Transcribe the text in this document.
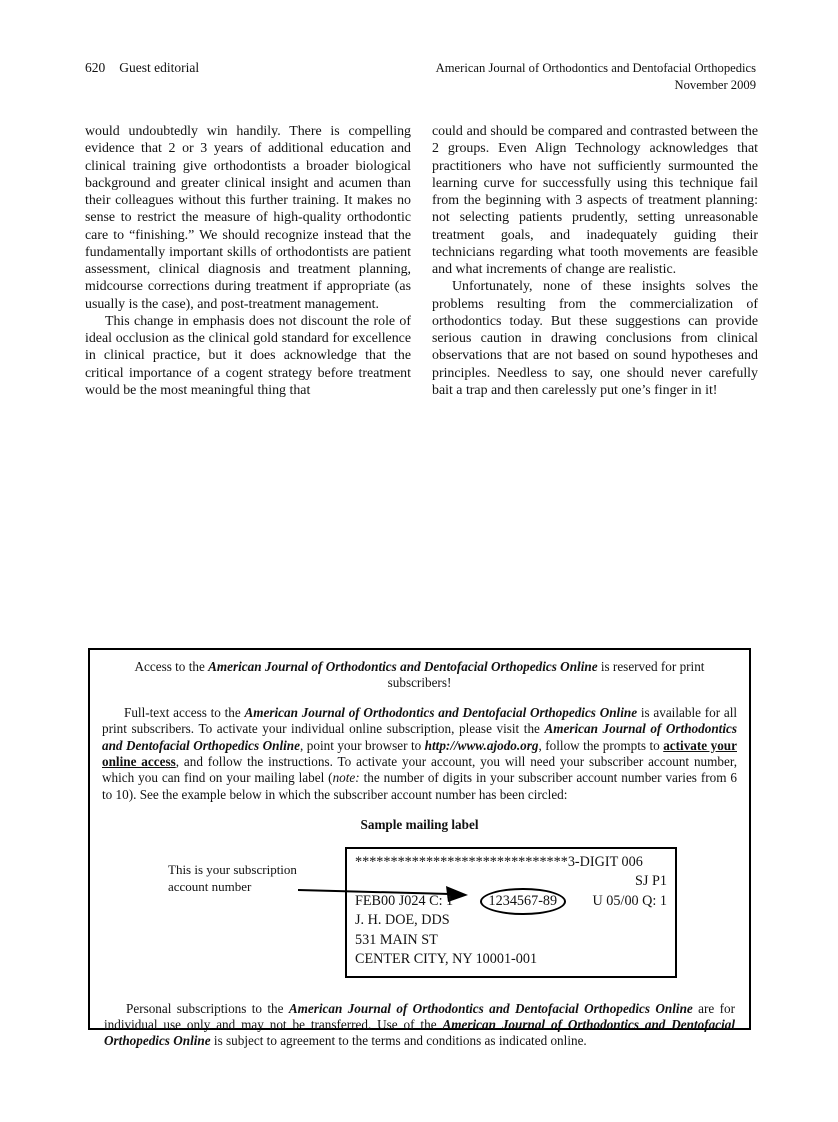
620 Guest editorial	American Journal of Orthodontics and Dentofacial Orthopedics
November 2009

would undoubtedly win handily. There is compelling evidence that 2 or 3 years of additional education and clinical training give orthodontists a broader biological background and greater clinical insight and acumen than their colleagues without this further training. It makes no sense to restrict the measure of high-quality orthodontic care to “finishing.” We should recognize instead that the fundamentally important skills of orthodontists are patient assessment, clinical diagnosis and treatment planning, midcourse corrections during treatment if appropriate (as usually is the case), and post-treatment management.

This change in emphasis does not discount the role of ideal occlusion as the clinical gold standard for excellence in clinical practice, but it does acknowledge that the critical importance of a cogent strategy before treatment would be the most meaningful thing that

could and should be compared and contrasted between the 2 groups. Even Align Technology acknowledges that practitioners who have not sufficiently surmounted the learning curve for successfully using this technique fail from the beginning with 3 aspects of treatment planning: not selecting patients prudently, setting unreasonable treatment goals, and inadequately guiding their technicians regarding what tooth movements are feasible and what increments of change are realistic.

Unfortunately, none of these insights solves the problems resulting from the commercialization of orthodontics today. But these suggestions can provide serious caution in drawing conclusions from clinical observations that are not based on sound hypotheses and principles. Needless to say, one should never carefully bait a trap and then carelessly put one’s finger in it!

Access to the American Journal of Orthodontics and Dentofacial Orthopedics Online is reserved for print subscribers!

Full-text access to the American Journal of Orthodontics and Dentofacial Orthopedics Online is available for all print subscribers. To activate your individual online subscription, please visit the American Journal of Orthodontics and Dentofacial Orthopedics Online, point your browser to http://www.ajodo.org, follow the prompts to activate your online access, and follow the instructions. To activate your account, you will need your subscriber account number, which you can find on your mailing label (note: the number of digits in your subscriber account number varies from 6 to 10). See the example below in which the subscriber account number has been circled:

Sample mailing label

This is your subscription
account number
******************************3-DIGIT 006
SJ P1
FEB00 J024 C: 1	1234567-89	U 05/00 Q: 1
J. H. DOE, DDS
531 MAIN ST
CENTER CITY, NY 10001-001

Personal subscriptions to the American Journal of Orthodontics and Dentofacial Orthopedics Online are for individual use only and may not be transferred. Use of the American Journal of Orthodontics and Dentofacial Orthopedics Online is subject to agreement to the terms and conditions as indicated online.
